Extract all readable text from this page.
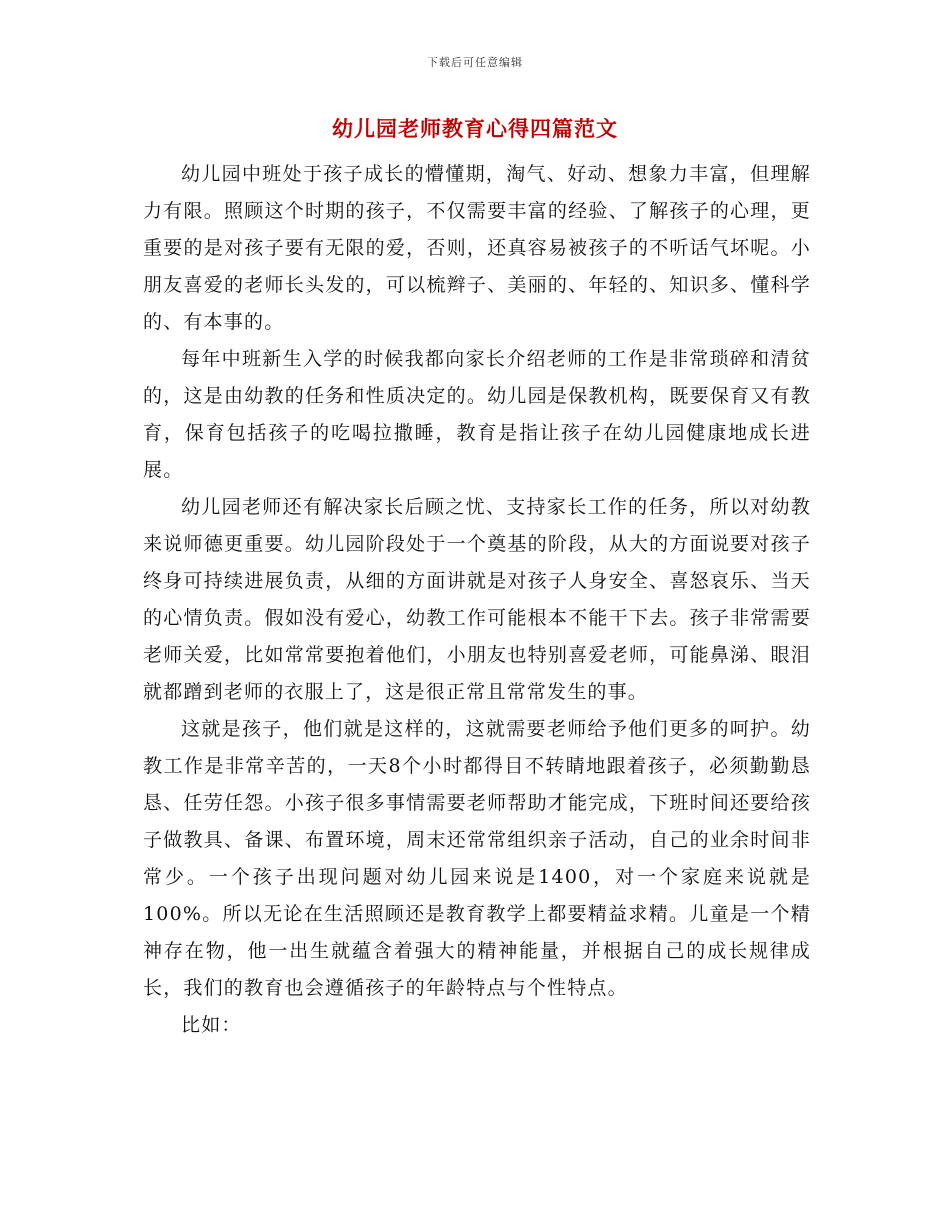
下载后可任意编辑
幼儿园老师教育心得四篇范文

幼儿园中班处于孩子成长的懵懂期，淘气、好动、想象力丰富，但理解力有限。照顾这个时期的孩子，不仅需要丰富的经验、了解孩子的心理，更重要的是对孩子要有无限的爱，否则，还真容易被孩子的不听话气坏呢。小朋友喜爱的老师长头发的，可以梳辫子、美丽的、年轻的、知识多、懂科学的、有本事的。

每年中班新生入学的时候我都向家长介绍老师的工作是非常琐碎和清贫的，这是由幼教的任务和性质决定的。幼儿园是保教机构，既要保育又有教育，保育包括孩子的吃喝拉撒睡，教育是指让孩子在幼儿园健康地成长进展。

幼儿园老师还有解决家长后顾之忧、支持家长工作的任务，所以对幼教来说师德更重要。幼儿园阶段处于一个奠基的阶段，从大的方面说要对孩子终身可持续进展负责，从细的方面讲就是对孩子人身安全、喜怒哀乐、当天的心情负责。假如没有爱心，幼教工作可能根本不能干下去。孩子非常需要老师关爱，比如常常要抱着他们，小朋友也特别喜爱老师，可能鼻涕、眼泪就都蹭到老师的衣服上了，这是很正常且常常发生的事。

这就是孩子，他们就是这样的，这就需要老师给予他们更多的呵护。幼教工作是非常辛苦的，一天8个小时都得目不转睛地跟着孩子，必须勤勤恳恳、任劳任怨。小孩子很多事情需要老师帮助才能完成，下班时间还要给孩子做教具、备课、布置环境，周末还常常组织亲子活动，自己的业余时间非常少。一个孩子出现问题对幼儿园来说是1400，对一个家庭来说就是100%。所以无论在生活照顾还是教育教学上都要精益求精。儿童是一个精神存在物，他一出生就蕴含着强大的精神能量，并根据自己的成长规律成长，我们的教育也会遵循孩子的年龄特点与个性特点。

比如：
